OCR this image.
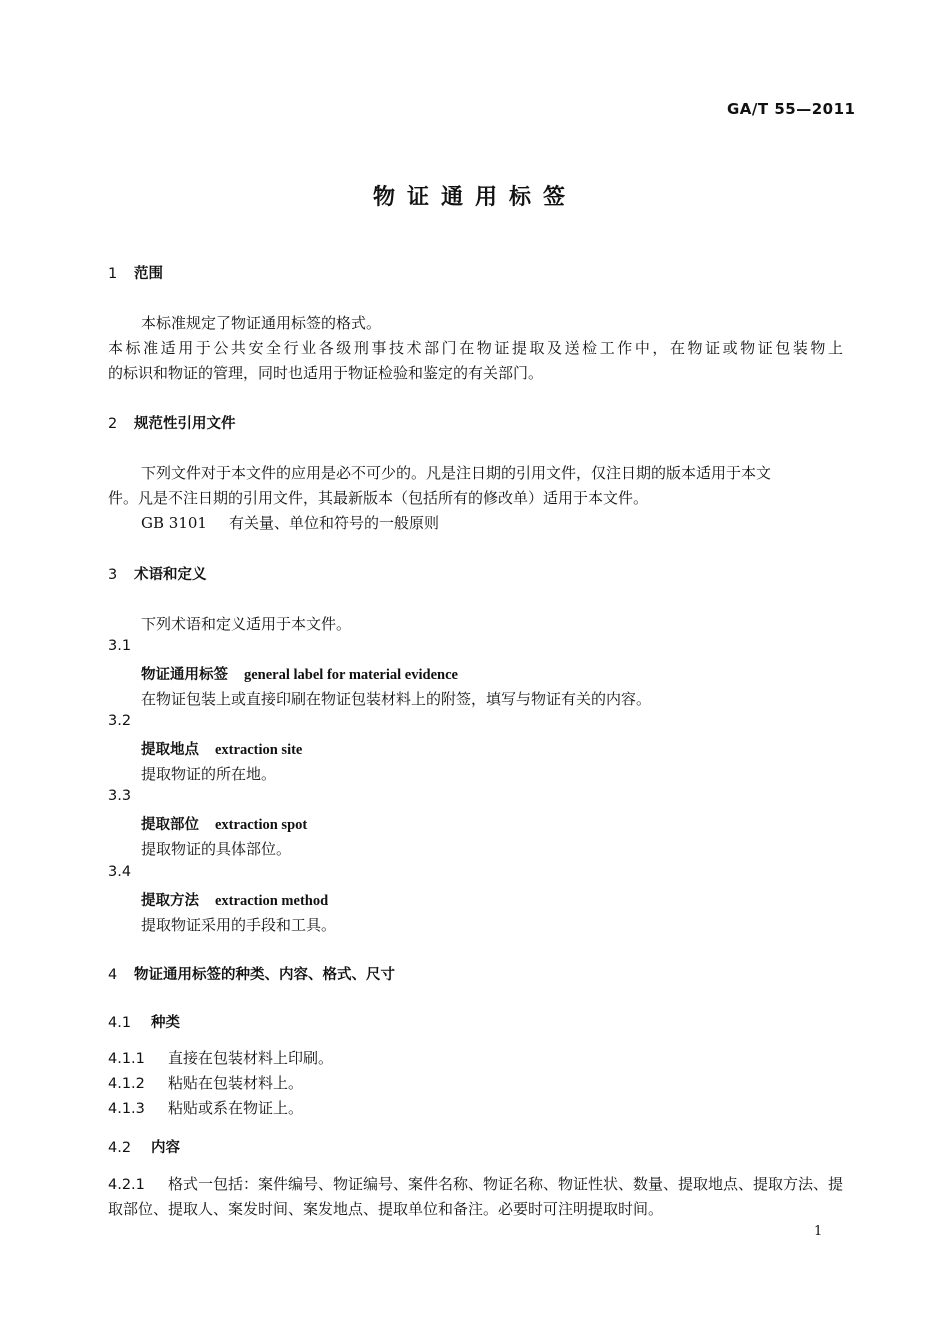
GA/T 55—2011
物证通用标签
1 范围
本标准规定了物证通用标签的格式。
本标准适用于公共安全行业各级刑事技术部门在物证提取及送检工作中，在物证或物证包装物上
的标识和物证的管理，同时也适用于物证检验和鉴定的有关部门。
2 规范性引用文件
下列文件对于本文件的应用是必不可少的。凡是注日期的引用文件，仅注日期的版本适用于本文
件。凡是不注日期的引用文件，其最新版本（包括所有的修改单）适用于本文件。
GB 3101 有关量、单位和符号的一般原则
3 术语和定义
下列术语和定义适用于本文件。
3.1
物证通用标签 general label for material evidence
在物证包装上或直接印刷在物证包装材料上的附签，填写与物证有关的内容。
3.2
提取地点 extraction site
提取物证的所在地。
3.3
提取部位 extraction spot
提取物证的具体部位。
3.4
提取方法 extraction method
提取物证采用的手段和工具。
4 物证通用标签的种类、内容、格式、尺寸
4.1 种类
4.1.1 直接在包装材料上印刷。
4.1.2 粘贴在包装材料上。
4.1.3 粘贴或系在物证上。
4.2 内容
4.2.1 格式一包括：案件编号、物证编号、案件名称、物证名称、物证性状、数量、提取地点、提取方法、提
取部位、提取人、案发时间、案发地点、提取单位和备注。必要时可注明提取时间。
1
